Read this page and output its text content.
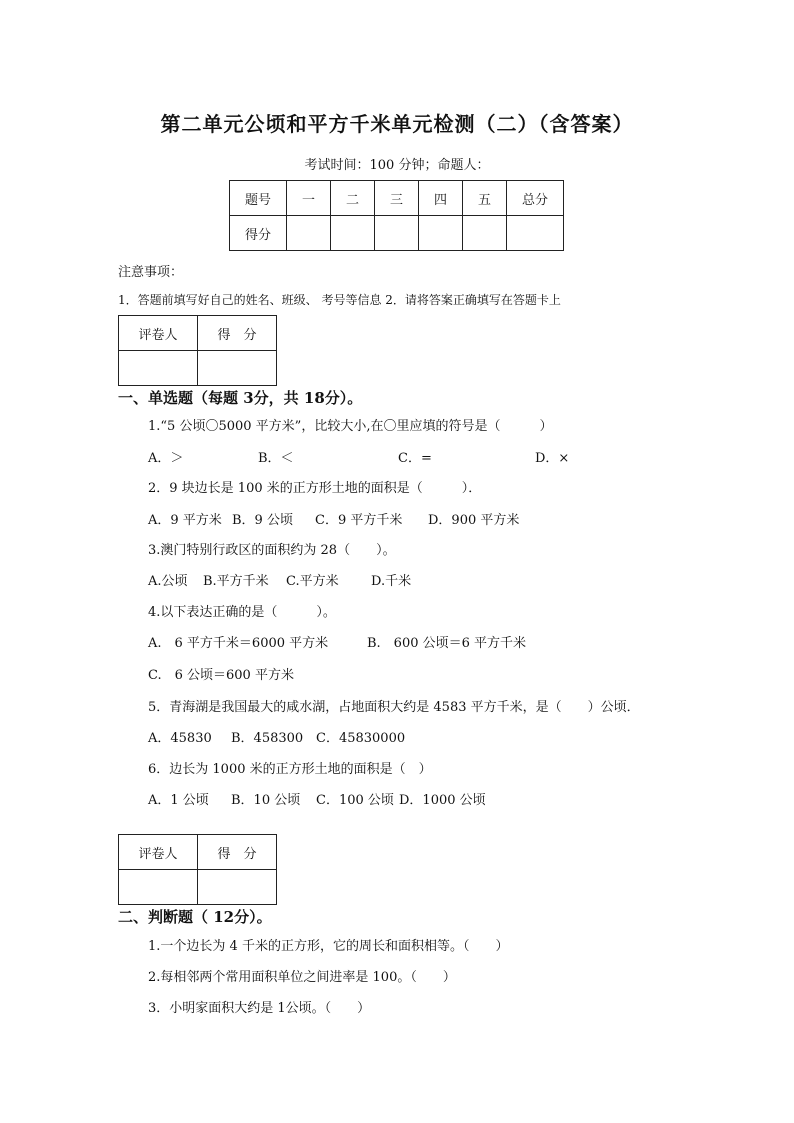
第二单元公顷和平方千米单元检测（二）（含答案）
考试时间：100 分钟；命题人：
题号	一	二	三	四	五	总分
得分						
注意事项：
1．答题前填写好自己的姓名、班级、 考号等信息 2．请将答案正确填写在答题卡上
评卷人	得　分

一、单选题（每题 3分，共 18分）。
1.“5 公顷〇5000 平方米”，比较大小,在〇里应填的符号是（　　　）
A．＞	B．＜	C．=	D．×
2．9 块边长是 100 米的正方形土地的面积是（　　　）．
A．9 平方米 B．9 公顷 C．9 平方千米 D．900 平方米
3.澳门特别行政区的面积约为 28（　　）。
A.公顷 B.平方千米 C.平方米 D.千米
4.以下表达正确的是（　　　）。
A.　6 平方千米＝6000 平方米	B.　600 公顷＝6 平方千米
C.　6 公顷＝600 平方米
5．青海湖是我国最大的咸水湖，占地面积大约是 4583 平方千米，是（　　）公顷．
A．45830 B．458300 C．45830000
6．边长为 1000 米的正方形土地的面积是（　）
A．1 公顷 B．10 公顷 C．100 公顷 D．1000 公顷
评卷人	得　分

二、判断题（ 12分）。
1.一个边长为 4 千米的正方形，它的周长和面积相等。（　　）
2.每相邻两个常用面积单位之间进率是 100。（　　）
3．小明家面积大约是 1公顷。（　　）
